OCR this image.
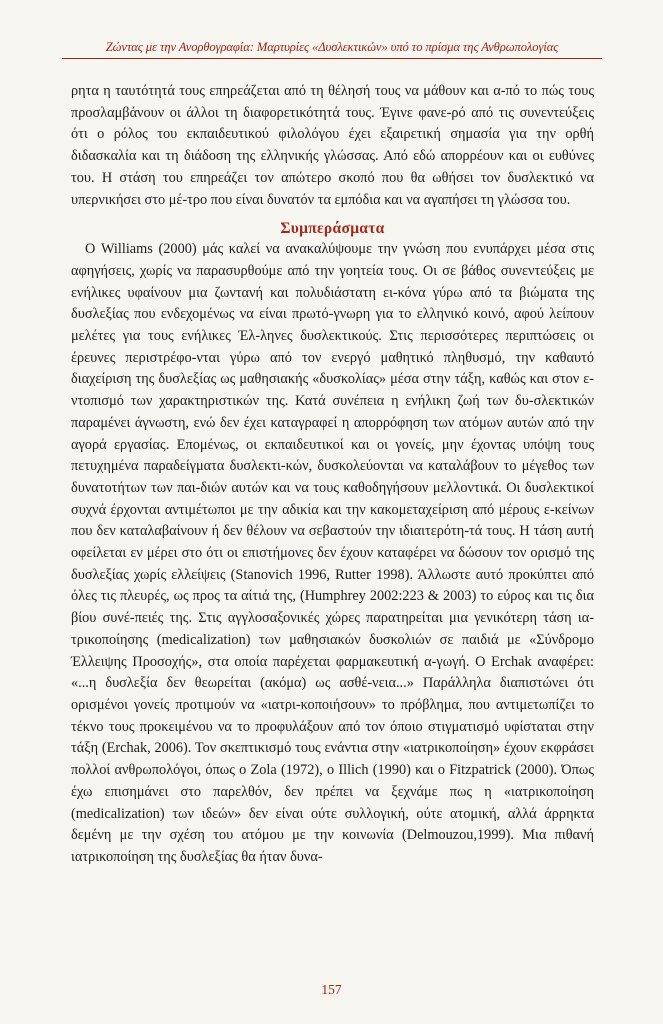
Ζώντας με την Ανορθογραφία: Μαρτυρίες «Δυσλεκτικών» υπό το πρίσμα της Ανθρωπολογίας

ρητα η ταυτότητά τους επηρεάζεται από τη θέλησή τους να μάθουν και α-πό το πώς τους προσλαμβάνουν οι άλλοι τη διαφορετικότητά τους. Έγινε φανε-ρό από τις συνεντεύξεις ότι ο ρόλος του εκπαιδευτικού φιλολόγου έχει εξαιρετική σημασία για την ορθή διδασκαλία και τη διάδοση της ελληνικής γλώσσας. Από εδώ απορρέουν και οι ευθύνες του. Η στάση του επηρεάζει τον απώτερο σκοπό που θα ωθήσει τον δυσλεκτικό να υπερνικήσει στο μέ-τρο που είναι δυνατόν τα εμπόδια και να αγαπήσει τη γλώσσα του.

Συμπεράσματα

Ο Williams (2000) μάς καλεί να ανακαλύψουμε την γνώση που ενυπάρχει μέσα στις αφηγήσεις, χωρίς να παρασυρθούμε από την γοητεία τους. Οι σε βάθος συνεντεύξεις με ενήλικες υφαίνουν μια ζωντανή και πολυδιάστατη ει-κόνα γύρω από τα βιώματα της δυσλεξίας που ενδεχομένως να είναι πρωτό-γνωρη για το ελληνικό κοινό, αφού λείπουν μελέτες για τους ενήλικες Έλ-ληνες δυσλεκτικούς. Στις περισσότερες περιπτώσεις οι έρευνες περιστρέφο-νται γύρω από τον ενεργό μαθητικό πληθυσμό, την καθαυτό διαχείριση της δυσλεξίας ως μαθησιακής «δυσκολίας» μέσα στην τάξη, καθώς και στον ε-ντοπισμό των χαρακτηριστικών της. Κατά συνέπεια η ενήλικη ζωή των δυ-σλεκτικών παραμένει άγνωστη, ενώ δεν έχει καταγραφεί η απορρόφηση των ατόμων αυτών από την αγορά εργασίας. Επομένως, οι εκπαιδευτικοί και οι γονείς, μην έχοντας υπόψη τους πετυχημένα παραδείγματα δυσλεκτι-κών, δυσκολεύονται να καταλάβουν το μέγεθος των δυνατοτήτων των παι-διών αυτών και να τους καθοδηγήσουν μελλοντικά. Οι δυσλεκτικοί συχνά έρχονται αντιμέτωποι με την αδικία και την κακομεταχείριση από μέρους ε-κείνων που δεν καταλαβαίνουν ή δεν θέλουν να σεβαστούν την ιδιαιτερότη-τά τους. Η τάση αυτή οφείλεται εν μέρει στο ότι οι επιστήμονες δεν έχουν καταφέρει να δώσουν τον ορισμό της δυσλεξίας χωρίς ελλείψεις (Stanovich 1996, Rutter 1998). Άλλωστε αυτό προκύπτει από όλες τις πλευρές, ως προς τα αίτιά της, (Humphrey 2002:223 & 2003) το εύρος και τις δια βίου συνέ-πειές της. Στις αγγλοσαξονικές χώρες παρατηρείται μια γενικότερη τάση ια-τρικοποίησης (medicalization) των μαθησιακών δυσκολιών σε παιδιά με «Σύνδρομο Έλλειψης Προσοχής», στα οποία παρέχεται φαρμακευτική α-γωγή. Ο Erchak αναφέρει: «...η δυσλεξία δεν θεωρείται (ακόμα) ως ασθέ-νεια...» Παράλληλα διαπιστώνει ότι ορισμένοι γονείς προτιμούν να «ιατρι-κοποιήσουν» το πρόβλημα, που αντιμετωπίζει το τέκνο τους προκειμένου να το προφυλάξουν από τον όποιο στιγματισμό υφίσταται στην τάξη (Erchak, 2006). Τον σκεπτικισμό τους ενάντια στην «ιατρικοποίηση» έχουν εκφράσει πολλοί ανθρωπολόγοι, όπως ο Zola (1972), ο Illich (1990) και ο Fitzpatrick (2000). Όπως έχω επισημάνει στο παρελθόν, δεν πρέπει να ξεχνάμε πως η «ιατρικοποίηση (medicalization) των ιδεών» δεν είναι ούτε συλλογική, ούτε ατομική, αλλά άρρηκτα δεμένη με την σχέση του ατόμου με την κοινωνία (Delmouzou,1999). Μια πιθανή ιατρικοποίηση της δυσλεξίας θα ήταν δυνα-

157
